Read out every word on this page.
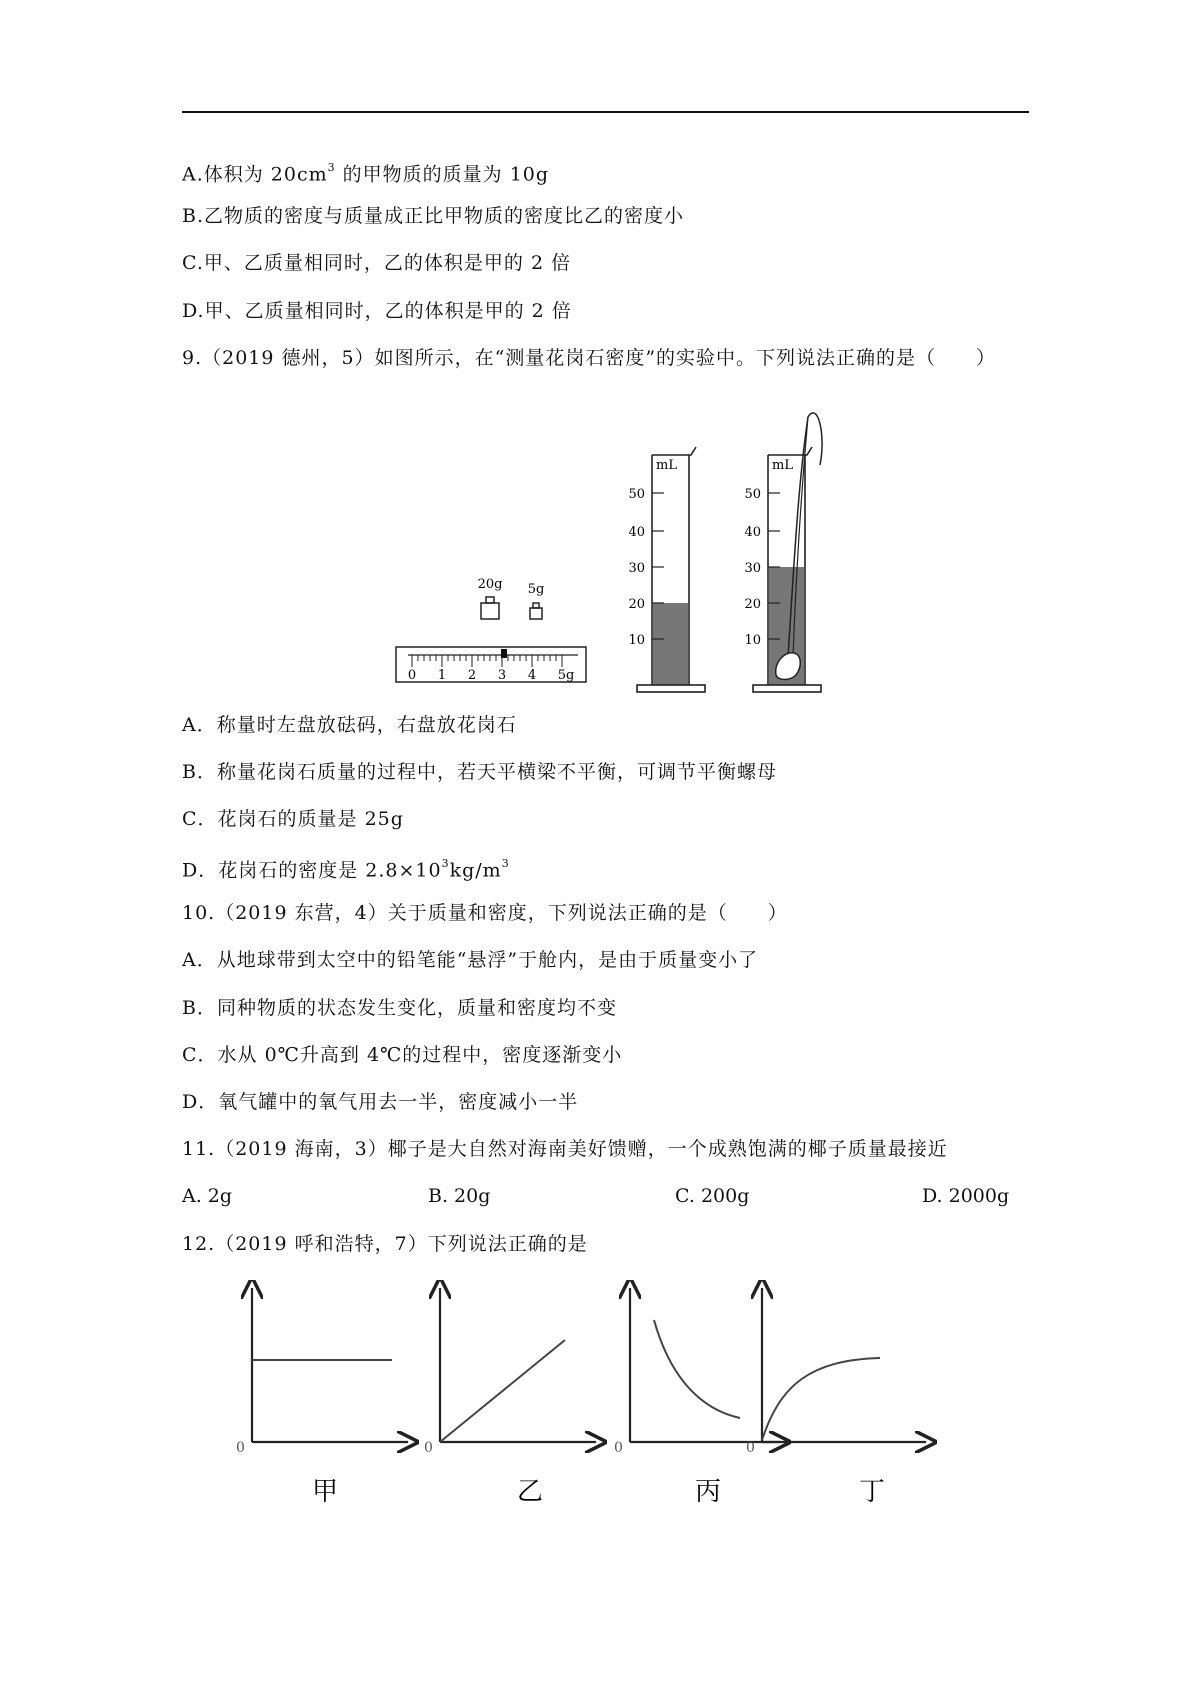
A.体积为 $20cm^3$ 的甲物质的质量为 10g
B.乙物质的密度与质量成正比甲物质的密度比乙的密度小
C.甲、乙质量相同时，乙的体积是甲的 2 倍
D.甲、乙质量相同时，乙的体积是甲的 2 倍
9.（2019 德州，5）如图所示，在“测量花岗石密度”的实验中。下列说法正确的是（　　）
20g 5g
0 1 2 3 4 5g
mL
50
40
30
20
10
mL
50
40
30
20
10
A．称量时左盘放砝码，右盘放花岗石
B．称量花岗石质量的过程中，若天平横梁不平衡，可调节平衡螺母
C．花岗石的质量是 25g
D．花岗石的密度是 $2.8\times 10^3kg/m^3$
10.（2019 东营，4）关于质量和密度，下列说法正确的是（　　）
A．从地球带到太空中的铅笔能“悬浮”于舱内，是由于质量变小了
B．同种物质的状态发生变化，质量和密度均不变
C．水从 0℃升高到 4℃的过程中，密度逐渐变小
D．氧气罐中的氧气用去一半，密度减小一半
11.（2019 海南，3）椰子是大自然对海南美好馈赠，一个成熟饱满的椰子质量最接近
A. 2g	B. 20g	C. 200g	D. 2000g
12.（2019 呼和浩特，7）下列说法正确的是
0
甲
0
乙
0
丙
0
丁
